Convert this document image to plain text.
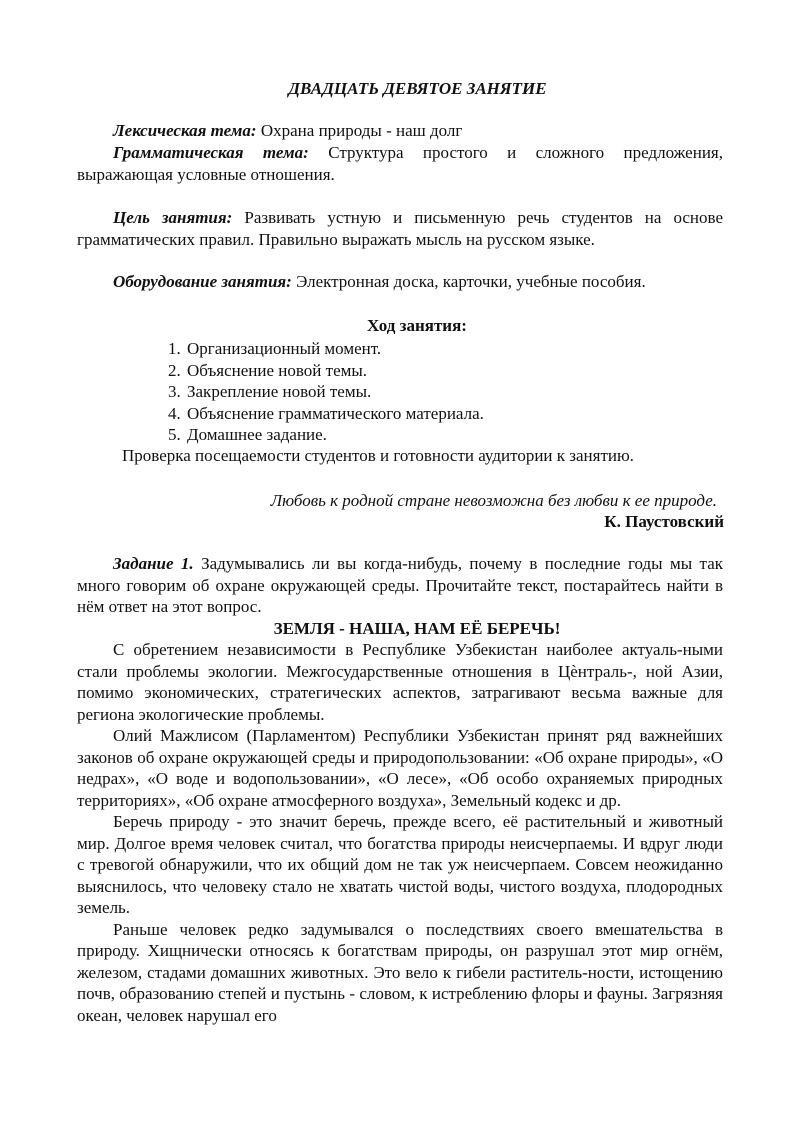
ДВАДЦАТЬ ДЕВЯТОЕ ЗАНЯТИЕ
Лексическая тема: Охрана природы - наш долг
Грамматическая тема: Структура простого и сложного предложения, выражающая условные отношения.
Цель занятия: Развивать устную и письменную речь студентов на основе грамматических правил. Правильно выражать мысль на русском языке.
Оборудование занятия: Электронная доска, карточки, учебные пособия.
Ход занятия:
1. Организационный момент.
2. Объяснение новой темы.
3. Закрепление новой темы.
4. Объяснение грамматического материала.
5. Домашнее задание.
Проверка посещаемости студентов и готовности аудитории к занятию.
Любовь к родной стране невозможна без любви к ее природе.
К. Паустовский
Задание 1. Задумывались ли вы когда-нибудь, почему в последние годы мы так много говорим об охране окружающей среды. Прочитайте текст, постарайтесь найти в нём ответ на этот вопрос.
ЗЕМЛЯ - НАША, НАМ ЕЁ БЕРЕЧЬ!

С обретением независимости в Республике Узбекистан наиболее актуаль-ными стали проблемы экологии. Межгосударственные отношения в Цѐнтраль-, ной Азии, помимо экономических, стратегических аспектов, затрагивают весьма важные для региона экологические проблемы.

Олий Мажлисом (Парламентом) Республики Узбекистан принят ряд важнейших законов об охране окружающей среды и природопользовании: «Об охране природы», «О недрах», «О воде и водопользовании», «О лесе», «Об особо охраняемых природных территориях», «Об охране атмосферного воздуха», Земельный кодекс и др.

Беречь природу - это значит беречь, прежде всего, её растительный и животный мир. Долгое время человек считал, что богатства природы неисчерпаемы. И вдруг люди с тревогой обнаружили, что их общий дом не так уж неисчерпаем. Совсем неожиданно выяснилось, что человеку стало не хватать чистой воды, чистого воздуха, плодородных земель.

Раньше человек редко задумывался о последствиях своего вмешательства в природу. Хищнически относясь к богатствам природы, он разрушал этот мир огнём, железом, стадами домашних животных. Это вело к гибели раститель-ности, истощению почв, образованию степей и пустынь - словом, к истреблению флоры и фауны. Загрязняя океан, человек нарушал его
